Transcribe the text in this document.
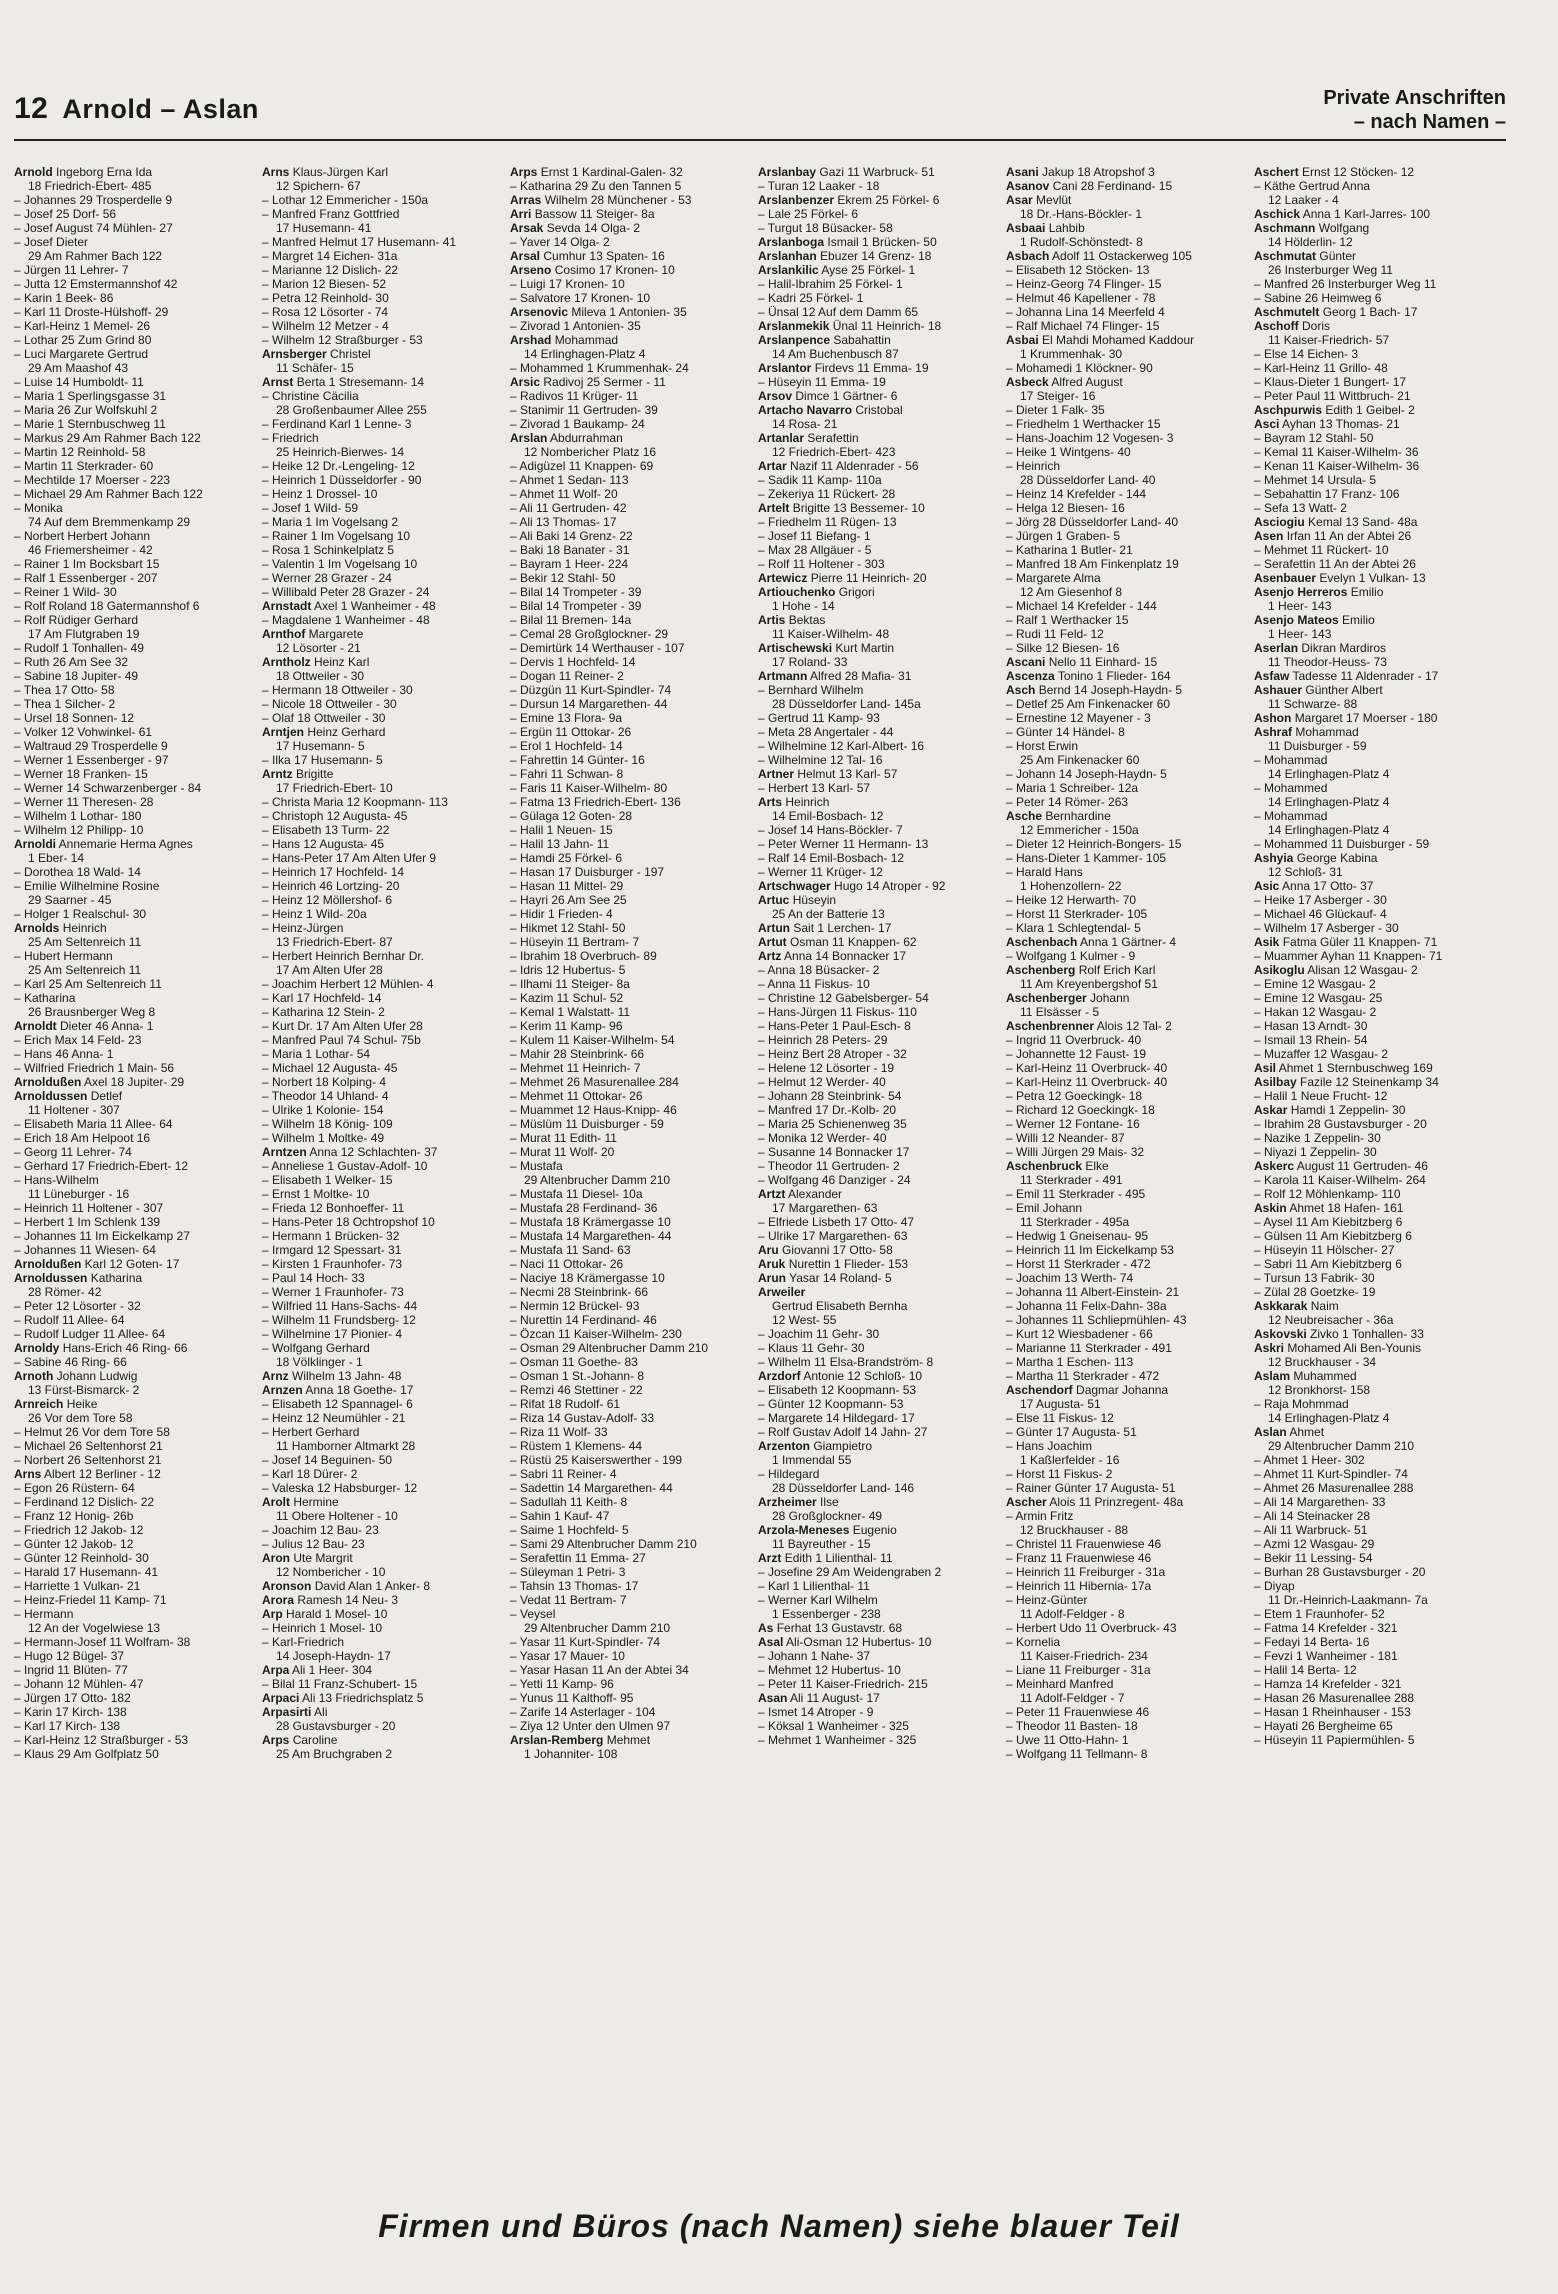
12 Arnold – Aslan	Private Anschriften
– nach Namen –
Arnold Ingeborg Erna Ida
18 Friedrich-Ebert- 485
– Johannes 29 Trosperdelle 9
– Josef 25 Dorf- 56
– Josef August 74 Mühlen- 27
– Josef Dieter
29 Am Rahmer Bach 122
– Jürgen 11 Lehrer- 7
– Jutta 12 Emstermannshof 42
– Karin 1 Beek- 86
– Karl 11 Droste-Hülshoff- 29
– Karl-Heinz 1 Memel- 26
– Lothar 25 Zum Grind 80
– Luci Margarete Gertrud
29 Am Maashof 43
– Luise 14 Humboldt- 11
– Maria 1 Sperlingsgasse 31
– Maria 26 Zur Wolfskuhl 2
– Marie 1 Sternbuschweg 11
– Markus 29 Am Rahmer Bach 122
– Martin 12 Reinhold- 58
– Martin 11 Sterkrader- 60
– Mechtilde 17 Moerser - 223
– Michael 29 Am Rahmer Bach 122
– Monika
74 Auf dem Bremmenkamp 29
– Norbert Herbert Johann
46 Friemersheimer - 42
– Rainer 1 Im Bocksbart 15
– Ralf 1 Essenberger - 207
– Reiner 1 Wild- 30
– Rolf Roland 18 Gatermannshof 6
– Rolf Rüdiger Gerhard
17 Am Flutgraben 19
– Rudolf 1 Tonhallen- 49
– Ruth 26 Am See 32
– Sabine 18 Jupiter- 49
– Thea 17 Otto- 58
– Thea 1 Silcher- 2
– Ursel 18 Sonnen- 12
– Volker 12 Vohwinkel- 61
– Waltraud 29 Trosperdelle 9
– Werner 1 Essenberger - 97
– Werner 18 Franken- 15
– Werner 14 Schwarzenberger - 84
– Werner 11 Theresen- 28
– Wilhelm 1 Lothar- 180
– Wilhelm 12 Philipp- 10
Arnoldi Annemarie Herma Agnes
1 Eber- 14
– Dorothea 18 Wald- 14
– Emilie Wilhelmine Rosine
29 Saarner - 45
– Holger 1 Realschul- 30
Arnolds Heinrich
25 Am Seltenreich 11
– Hubert Hermann
25 Am Seltenreich 11
– Karl 25 Am Seltenreich 11
– Katharina
26 Brausnberger Weg 8
Arnoldt Dieter 46 Anna- 1
– Erich Max 14 Feld- 23
– Hans 46 Anna- 1
– Wilfried Friedrich 1 Main- 56
Arnoldußen Axel 18 Jupiter- 29
Arnoldussen Detlef
11 Holtener - 307
– Elisabeth Maria 11 Allee- 64
– Erich 18 Am Helpoot 16
– Georg 11 Lehrer- 74
– Gerhard 17 Friedrich-Ebert- 12
– Hans-Wilhelm
11 Lüneburger - 16
– Heinrich 11 Holtener - 307
– Herbert 1 Im Schlenk 139
– Johannes 11 Im Eickelkamp 27
– Johannes 11 Wiesen- 64
Arnoldußen Karl 12 Goten- 17
Arnoldussen Katharina
28 Römer- 42
– Peter 12 Lösorter - 32
– Rudolf 11 Allee- 64
– Rudolf Ludger 11 Allee- 64
Arnoldy Hans-Erich 46 Ring- 66
– Sabine 46 Ring- 66
Arnoth Johann Ludwig
13 Fürst-Bismarck- 2
Arnreich Heike
26 Vor dem Tore 58
– Helmut 26 Vor dem Tore 58
– Michael 26 Seltenhorst 21
– Norbert 26 Seltenhorst 21
Arns Albert 12 Berliner - 12
– Egon 26 Rüstern- 64
– Ferdinand 12 Dislich- 22
– Franz 12 Honig- 26b
– Friedrich 12 Jakob- 12
– Günter 12 Jakob- 12
– Günter 12 Reinhold- 30
– Harald 17 Husemann- 41
– Harriette 1 Vulkan- 21
– Heinz-Friedel 11 Kamp- 71
– Hermann
12 An der Vogelwiese 13
– Hermann-Josef 11 Wolfram- 38
– Hugo 12 Bügel- 37
– Ingrid 11 Blüten- 77
– Johann 12 Mühlen- 47
– Jürgen 17 Otto- 182
– Karin 17 Kirch- 138
– Karl 17 Kirch- 138
– Karl-Heinz 12 Straßburger - 53
– Klaus 29 Am Golfplatz 50
Arns Klaus-Jürgen Karl
12 Spichern- 67
– Lothar 12 Emmericher - 150a
– Manfred Franz Gottfried
17 Husemann- 41
– Manfred Helmut 17 Husemann- 41
– Margret 14 Eichen- 31a
– Marianne 12 Dislich- 22
– Marion 12 Biesen- 52
– Petra 12 Reinhold- 30
– Rosa 12 Lösorter - 74
– Wilhelm 12 Metzer - 4
– Wilhelm 12 Straßburger - 53
Arnsberger Christel
11 Schäfer- 15
Arnst Berta 1 Stresemann- 14
– Christine Cäcilia
28 Großenbaumer Allee 255
– Ferdinand Karl 1 Lenne- 3
– Friedrich
25 Heinrich-Bierwes- 14
– Heike 12 Dr.-Lengeling- 12
– Heinrich 1 Düsseldorfer - 90
– Heinz 1 Drossel- 10
– Josef 1 Wild- 59
– Maria 1 Im Vogelsang 2
– Rainer 1 Im Vogelsang 10
– Rosa 1 Schinkelplatz 5
– Valentin 1 Im Vogelsang 10
– Werner 28 Grazer - 24
– Willibald Peter 28 Grazer - 24
Arnstadt Axel 1 Wanheimer - 48
– Magdalene 1 Wanheimer - 48
Arnthof Margarete
12 Lösorter - 21
Arntholz Heinz Karl
18 Ottweiler - 30
– Hermann 18 Ottweiler - 30
– Nicole 18 Ottweiler - 30
– Olaf 18 Ottweiler - 30
Arntjen Heinz Gerhard
17 Husemann- 5
– Ilka 17 Husemann- 5
Arntz Brigitte
17 Friedrich-Ebert- 10
– Christa Maria 12 Koopmann- 113
– Christoph 12 Augusta- 45
– Elisabeth 13 Turm- 22
– Hans 12 Augusta- 45
– Hans-Peter 17 Am Alten Ufer 9
– Heinrich 17 Hochfeld- 14
– Heinrich 46 Lortzing- 20
– Heinz 12 Möllershof- 6
– Heinz 1 Wild- 20a
– Heinz-Jürgen
13 Friedrich-Ebert- 87
– Herbert Heinrich Bernhar Dr.
17 Am Alten Ufer 28
– Joachim Herbert 12 Mühlen- 4
– Karl 17 Hochfeld- 14
– Katharina 12 Stein- 2
– Kurt Dr. 17 Am Alten Ufer 28
– Manfred Paul 74 Schul- 75b
– Maria 1 Lothar- 54
– Michael 12 Augusta- 45
– Norbert 18 Kolping- 4
– Theodor 14 Uhland- 4
– Ulrike 1 Kolonie- 154
– Wilhelm 18 König- 109
– Wilhelm 1 Moltke- 49
Arntzen Anna 12 Schlachten- 37
– Anneliese 1 Gustav-Adolf- 10
– Elisabeth 1 Welker- 15
– Ernst 1 Moltke- 10
– Frieda 12 Bonhoeffer- 11
– Hans-Peter 18 Ochtropshof 10
– Hermann 1 Brücken- 32
– Irmgard 12 Spessart- 31
– Kirsten 1 Fraunhofer- 73
– Paul 14 Hoch- 33
– Werner 1 Fraunhofer- 73
– Wilfried 11 Hans-Sachs- 44
– Wilhelm 11 Frundsberg- 12
– Wilhelmine 17 Pionier- 4
– Wolfgang Gerhard
18 Völklinger - 1
Arnz Wilhelm 13 Jahn- 48
Arnzen Anna 18 Goethe- 17
– Elisabeth 12 Spannagel- 6
– Heinz 12 Neumühler - 21
– Herbert Gerhard
11 Hamborner Altmarkt 28
– Josef 14 Beguinen- 50
– Karl 18 Dürer- 2
– Valeska 12 Habsburger- 12
Arolt Hermine
11 Obere Holtener - 10
– Joachim 12 Bau- 23
– Julius 12 Bau- 23
Aron Ute Margrit
12 Nombericher - 10
Aronson David Alan 1 Anker- 8
Arora Ramesh 14 Neu- 3
Arp Harald 1 Mosel- 10
– Heinrich 1 Mosel- 10
– Karl-Friedrich
14 Joseph-Haydn- 17
Arpa Ali 1 Heer- 304
– Bilal 11 Franz-Schubert- 15
Arpaci Ali 13 Friedrichsplatz 5
Arpasirti Ali
28 Gustavsburger - 20
Arps Caroline
25 Am Bruchgraben 2
Arps Ernst 1 Kardinal-Galen- 32
– Katharina 29 Zu den Tannen 5
Arras Wilhelm 28 Münchener - 53
Arri Bassow 11 Steiger- 8a
Arsak Sevda 14 Olga- 2
– Yaver 14 Olga- 2
Arsal Cumhur 13 Spaten- 16
Arseno Cosimo 17 Kronen- 10
– Luigi 17 Kronen- 10
– Salvatore 17 Kronen- 10
Arsenovic Mileva 1 Antonien- 35
– Zivorad 1 Antonien- 35
Arshad Mohammad
14 Erlinghagen-Platz 4
– Mohammed 1 Krummenhak- 24
Arsic Radivoj 25 Sermer - 11
– Radivos 11 Krüger- 11
– Stanimir 11 Gertruden- 39
– Zivorad 1 Baukamp- 24
Arslan Abdurrahman
12 Nombericher Platz 16
– Adigüzel 11 Knappen- 69
– Ahmet 1 Sedan- 113
– Ahmet 11 Wolf- 20
– Ali 11 Gertruden- 42
– Ali 13 Thomas- 17
– Ali Baki 14 Grenz- 22
– Baki 18 Banater - 31
– Bayram 1 Heer- 224
– Bekir 12 Stahl- 50
– Bilal 14 Trompeter - 39
– Bilal 14 Trompeter - 39
– Bilal 11 Bremen- 14a
– Cemal 28 Großglockner- 29
– Demirtürk 14 Werthauser - 107
– Dervis 1 Hochfeld- 14
– Dogan 11 Reiner- 2
– Düzgün 11 Kurt-Spindler- 74
– Dursun 14 Margarethen- 44
– Emine 13 Flora- 9a
– Ergün 11 Ottokar- 26
– Erol 1 Hochfeld- 14
– Fahrettin 14 Günter- 16
– Fahri 11 Schwan- 8
– Faris 11 Kaiser-Wilhelm- 80
– Fatma 13 Friedrich-Ebert- 136
– Gülaga 12 Goten- 28
– Halil 1 Neuen- 15
– Halil 13 Jahn- 11
– Hamdi 25 Förkel- 6
– Hasan 17 Duisburger - 197
– Hasan 11 Mittel- 29
– Hayri 26 Am See 25
– Hidir 1 Frieden- 4
– Hikmet 12 Stahl- 50
– Hüseyin 11 Bertram- 7
– Ibrahim 18 Overbruch- 89
– Idris 12 Hubertus- 5
– Ilhami 11 Steiger- 8a
– Kazim 11 Schul- 52
– Kemal 1 Walstatt- 11
– Kerim 11 Kamp- 96
– Kulem 11 Kaiser-Wilhelm- 54
– Mahir 28 Steinbrink- 66
– Mehmet 11 Heinrich- 7
– Mehmet 26 Masurenallee 284
– Mehmet 11 Ottokar- 26
– Muammet 12 Haus-Knipp- 46
– Müslüm 11 Duisburger - 59
– Murat 11 Edith- 11
– Murat 11 Wolf- 20
– Mustafa
29 Altenbrucher Damm 210
– Mustafa 11 Diesel- 10a
– Mustafa 28 Ferdinand- 36
– Mustafa 18 Krämergasse 10
– Mustafa 14 Margarethen- 44
– Mustafa 11 Sand- 63
– Naci 11 Ottokar- 26
– Naciye 18 Krämergasse 10
– Necmi 28 Steinbrink- 66
– Nermin 12 Brückel- 93
– Nurettin 14 Ferdinand- 46
– Özcan 11 Kaiser-Wilhelm- 230
– Osman 29 Altenbrucher Damm 210
– Osman 11 Goethe- 83
– Osman 1 St.-Johann- 8
– Remzi 46 Stettiner - 22
– Rifat 18 Rudolf- 61
– Riza 14 Gustav-Adolf- 33
– Riza 11 Wolf- 33
– Rüstem 1 Klemens- 44
– Rüstü 25 Kaiserswerther - 199
– Sabri 11 Reiner- 4
– Sadettin 14 Margarethen- 44
– Sadullah 11 Keith- 8
– Sahin 1 Kauf- 47
– Saime 1 Hochfeld- 5
– Sami 29 Altenbrucher Damm 210
– Serafettin 11 Emma- 27
– Süleyman 1 Petri- 3
– Tahsin 13 Thomas- 17
– Vedat 11 Bertram- 7
– Veysel
29 Altenbrucher Damm 210
– Yasar 11 Kurt-Spindler- 74
– Yasar 17 Mauer- 10
– Yasar Hasan 11 An der Abtei 34
– Yetti 11 Kamp- 96
– Yunus 11 Kalthoff- 95
– Zarife 14 Asterlager - 104
– Ziya 12 Unter den Ulmen 97
Arslan-Remberg Mehmet
1 Johanniter- 108
Arslanbay Gazi 11 Warbruck- 51
– Turan 12 Laaker - 18
Arslanbenzer Ekrem 25 Förkel- 6
– Lale 25 Förkel- 6
– Turgut 18 Büsacker- 58
Arslanboga Ismail 1 Brücken- 50
Arslanhan Ebuzer 14 Grenz- 18
Arslankilic Ayse 25 Förkel- 1
– Halil-Ibrahim 25 Förkel- 1
– Kadri 25 Förkel- 1
– Ünsal 12 Auf dem Damm 65
Arslanmekik Ünal 11 Heinrich- 18
Arslanpence Sabahattin
14 Am Buchenbusch 87
Arslantor Firdevs 11 Emma- 19
– Hüseyin 11 Emma- 19
Arsov Dimce 1 Gärtner- 6
Artacho Navarro Cristobal
14 Rosa- 21
Artanlar Serafettin
12 Friedrich-Ebert- 423
Artar Nazif 11 Aldenrader - 56
– Sadik 11 Kamp- 110a
– Zekeriya 11 Rückert- 28
Artelt Brigitte 13 Bessemer- 10
– Friedhelm 11 Rügen- 13
– Josef 11 Biefang- 1
– Max 28 Allgäuer - 5
– Rolf 11 Holtener - 303
Artewicz Pierre 11 Heinrich- 20
Artiouchenko Grigori
1 Hohe - 14
Artis Bektas
11 Kaiser-Wilhelm- 48
Artischewski Kurt Martin
17 Roland- 33
Artmann Alfred 28 Mafia- 31
– Bernhard Wilhelm
28 Düsseldorfer Land- 145a
– Gertrud 11 Kamp- 93
– Meta 28 Angertaler - 44
– Wilhelmine 12 Karl-Albert- 16
– Wilhelmine 12 Tal- 16
Artner Helmut 13 Karl- 57
– Herbert 13 Karl- 57
Arts Heinrich
14 Emil-Bosbach- 12
– Josef 14 Hans-Böckler- 7
– Peter Werner 11 Hermann- 13
– Ralf 14 Emil-Bosbach- 12
– Werner 11 Krüger- 12
Artschwager Hugo 14 Atroper - 92
Artuc Hüseyin
25 An der Batterie 13
Artun Sait 1 Lerchen- 17
Artut Osman 11 Knappen- 62
Artz Anna 14 Bonnacker 17
– Anna 18 Büsacker- 2
– Anna 11 Fiskus- 10
– Christine 12 Gabelsberger- 54
– Hans-Jürgen 11 Fiskus- 110
– Hans-Peter 1 Paul-Esch- 8
– Heinrich 28 Peters- 29
– Heinz Bert 28 Atroper - 32
– Helene 12 Lösorter - 19
– Helmut 12 Werder- 40
– Johann 28 Steinbrink- 54
– Manfred 17 Dr.-Kolb- 20
– Maria 25 Schienenweg 35
– Monika 12 Werder- 40
– Susanne 14 Bonnacker 17
– Theodor 11 Gertruden- 2
– Wolfgang 46 Danziger - 24
Artzt Alexander
17 Margarethen- 63
– Elfriede Lisbeth 17 Otto- 47
– Ulrike 17 Margarethen- 63
Aru Giovanni 17 Otto- 58
Aruk Nurettin 1 Flieder- 153
Arun Yasar 14 Roland- 5
Arweiler
Gertrud Elisabeth Bernha
12 West- 55
– Joachim 11 Gehr- 30
– Klaus 11 Gehr- 30
– Wilhelm 11 Elsa-Brandström- 8
Arzdorf Antonie 12 Schloß- 10
– Elisabeth 12 Koopmann- 53
– Günter 12 Koopmann- 53
– Margarete 14 Hildegard- 17
– Rolf Gustav Adolf 14 Jahn- 27
Arzenton Giampietro
1 Immendal 55
– Hildegard
28 Düsseldorfer Land- 146
Arzheimer Ilse
28 Großglockner- 49
Arzola-Meneses Eugenio
11 Bayreuther - 15
Arzt Edith 1 Lilienthal- 11
– Josefine 29 Am Weidengraben 2
– Karl 1 Lilienthal- 11
– Werner Karl Wilhelm
1 Essenberger - 238
As Ferhat 13 Gustavstr. 68
Asal Ali-Osman 12 Hubertus- 10
– Johann 1 Nahe- 37
– Mehmet 12 Hubertus- 10
– Peter 11 Kaiser-Friedrich- 215
Asan Ali 11 August- 17
– Ismet 14 Atroper - 9
– Köksal 1 Wanheimer - 325
– Mehmet 1 Wanheimer - 325
Asani Jakup 18 Atropshof 3
Asanov Cani 28 Ferdinand- 15
Asar Mevlüt
18 Dr.-Hans-Böckler- 1
Asbaai Lahbib
1 Rudolf-Schönstedt- 8
Asbach Adolf 11 Ostackerweg 105
– Elisabeth 12 Stöcken- 13
– Heinz-Georg 74 Flinger- 15
– Helmut 46 Kapellener - 78
– Johanna Lina 14 Meerfeld 4
– Ralf Michael 74 Flinger- 15
Asbai El Mahdi Mohamed Kaddour
1 Krummenhak- 30
– Mohamedi 1 Klöckner- 90
Asbeck Alfred August
17 Steiger- 16
– Dieter 1 Falk- 35
– Friedhelm 1 Werthacker 15
– Hans-Joachim 12 Vogesen- 3
– Heike 1 Wintgens- 40
– Heinrich
28 Düsseldorfer Land- 40
– Heinz 14 Krefelder - 144
– Helga 12 Biesen- 16
– Jörg 28 Düsseldorfer Land- 40
– Jürgen 1 Graben- 5
– Katharina 1 Butler- 21
– Manfred 18 Am Finkenplatz 19
– Margarete Alma
12 Am Giesenhof 8
– Michael 14 Krefelder - 144
– Ralf 1 Werthacker 15
– Rudi 11 Feld- 12
– Silke 12 Biesen- 16
Ascani Nello 11 Einhard- 15
Ascenza Tonino 1 Flieder- 164
Asch Bernd 14 Joseph-Haydn- 5
– Detlef 25 Am Finkenacker 60
– Ernestine 12 Mayener - 3
– Günter 14 Händel- 8
– Horst Erwin
25 Am Finkenacker 60
– Johann 14 Joseph-Haydn- 5
– Maria 1 Schreiber- 12a
– Peter 14 Römer- 263
Asche Bernhardine
12 Emmericher - 150a
– Dieter 12 Heinrich-Bongers- 15
– Hans-Dieter 1 Kammer- 105
– Harald Hans
1 Hohenzollern- 22
– Heike 12 Herwarth- 70
– Horst 11 Sterkrader- 105
– Klara 1 Schlegtendal- 5
Aschenbach Anna 1 Gärtner- 4
– Wolfgang 1 Kulmer - 9
Aschenberg Rolf Erich Karl
11 Am Kreyenbergshof 51
Aschenberger Johann
11 Elsässer - 5
Aschenbrenner Alois 12 Tal- 2
– Ingrid 11 Overbruck- 40
– Johannette 12 Faust- 19
– Karl-Heinz 11 Overbruck- 40
– Karl-Heinz 11 Overbruck- 40
– Petra 12 Goeckingk- 18
– Richard 12 Goeckingk- 18
– Werner 12 Fontane- 16
– Willi 12 Neander- 87
– Willi Jürgen 29 Mais- 32
Aschenbruck Elke
11 Sterkrader - 491
– Emil 11 Sterkrader - 495
– Emil Johann
11 Sterkrader - 495a
– Hedwig 1 Gneisenau- 95
– Heinrich 11 Im Eickelkamp 53
– Horst 11 Sterkrader - 472
– Joachim 13 Werth- 74
– Johanna 11 Albert-Einstein- 21
– Johanna 11 Felix-Dahn- 38a
– Johannes 11 Schliepmühlen- 43
– Kurt 12 Wiesbadener - 66
– Marianne 11 Sterkrader - 491
– Martha 1 Eschen- 113
– Martha 11 Sterkrader - 472
Aschendorf Dagmar Johanna
17 Augusta- 51
– Else 11 Fiskus- 12
– Günter 17 Augusta- 51
– Hans Joachim
1 Kaßlerfelder - 16
– Horst 11 Fiskus- 2
– Rainer Günter 17 Augusta- 51
Ascher Alois 11 Prinzregent- 48a
– Armin Fritz
12 Bruckhauser - 88
– Christel 11 Frauenwiese 46
– Franz 11 Frauenwiese 46
– Heinrich 11 Freiburger - 31a
– Heinrich 11 Hibernia- 17a
– Heinz-Günter
11 Adolf-Feldger - 8
– Herbert Udo 11 Overbruck- 43
– Kornelia
11 Kaiser-Friedrich- 234
– Liane 11 Freiburger - 31a
– Meinhard Manfred
11 Adolf-Feldger - 7
– Peter 11 Frauenwiese 46
– Theodor 11 Basten- 18
– Uwe 11 Otto-Hahn- 1
– Wolfgang 11 Tellmann- 8
Aschert Ernst 12 Stöcken- 12
– Käthe Gertrud Anna
12 Laaker - 4
Aschick Anna 1 Karl-Jarres- 100
Aschmann Wolfgang
14 Hölderlin- 12
Aschmutat Günter
26 Insterburger Weg 11
– Manfred 26 Insterburger Weg 11
– Sabine 26 Heimweg 6
Aschmutelt Georg 1 Bach- 17
Aschoff Doris
11 Kaiser-Friedrich- 57
– Else 14 Eichen- 3
– Karl-Heinz 11 Grillo- 48
– Klaus-Dieter 1 Bungert- 17
– Peter Paul 11 Wittbruch- 21
Aschpurwis Edith 1 Geibel- 2
Asci Ayhan 13 Thomas- 21
– Bayram 12 Stahl- 50
– Kemal 11 Kaiser-Wilhelm- 36
– Kenan 11 Kaiser-Wilhelm- 36
– Mehmet 14 Ursula- 5
– Sebahattin 17 Franz- 106
– Sefa 13 Watt- 2
Asciogiu Kemal 13 Sand- 48a
Asen Irfan 11 An der Abtei 26
– Mehmet 11 Rückert- 10
– Serafettin 11 An der Abtei 26
Asenbauer Evelyn 1 Vulkan- 13
Asenjo Herreros Emilio
1 Heer- 143
Asenjo Mateos Emilio
1 Heer- 143
Aserlan Dikran Mardiros
11 Theodor-Heuss- 73
Asfaw Tadesse 11 Aldenrader - 17
Ashauer Günther Albert
11 Schwarze- 88
Ashon Margaret 17 Moerser - 180
Ashraf Mohammad
11 Duisburger - 59
– Mohammad
14 Erlinghagen-Platz 4
– Mohammed
14 Erlinghagen-Platz 4
– Mohammad
14 Erlinghagen-Platz 4
– Mohammed 11 Duisburger - 59
Ashyia George Kabina
12 Schloß- 31
Asic Anna 17 Otto- 37
– Heike 17 Asberger - 30
– Michael 46 Glückauf- 4
– Wilhelm 17 Asberger - 30
Asik Fatma Güler 11 Knappen- 71
– Muammer Ayhan 11 Knappen- 71
Asikoglu Alisan 12 Wasgau- 2
– Emine 12 Wasgau- 2
– Emine 12 Wasgau- 25
– Hakan 12 Wasgau- 2
– Hasan 13 Arndt- 30
– Ismail 13 Rhein- 54
– Muzaffer 12 Wasgau- 2
Asil Ahmet 1 Sternbuschweg 169
Asilbay Fazile 12 Steinenkamp 34
– Halil 1 Neue Frucht- 12
Askar Hamdi 1 Zeppelin- 30
– Ibrahim 28 Gustavsburger - 20
– Nazike 1 Zeppelin- 30
– Niyazi 1 Zeppelin- 30
Askerc August 11 Gertruden- 46
– Karola 11 Kaiser-Wilhelm- 264
– Rolf 12 Möhlenkamp- 110
Askin Ahmet 18 Hafen- 161
– Aysel 11 Am Kiebitzberg 6
– Gülsen 11 Am Kiebitzberg 6
– Hüseyin 11 Hölscher- 27
– Sabri 11 Am Kiebitzberg 6
– Tursun 13 Fabrik- 30
– Zülal 28 Goetzke- 19
Askkarak Naim
12 Neubreisacher - 36a
Askovski Zivko 1 Tonhallen- 33
Askri Mohamed Ali Ben-Younis
12 Bruckhauser - 34
Aslam Muhammed
12 Bronkhorst- 158
– Raja Mohmmad
14 Erlinghagen-Platz 4
Aslan Ahmet
29 Altenbrucher Damm 210
– Ahmet 1 Heer- 302
– Ahmet 11 Kurt-Spindler- 74
– Ahmet 26 Masurenallee 288
– Ali 14 Margarethen- 33
– Ali 14 Steinacker 28
– Ali 11 Warbruck- 51
– Azmi 12 Wasgau- 29
– Bekir 11 Lessing- 54
– Burhan 28 Gustavsburger - 20
– Diyap
11 Dr.-Heinrich-Laakmann- 7a
– Etem 1 Fraunhofer- 52
– Fatma 14 Krefelder - 321
– Fedayi 14 Berta- 16
– Fevzi 1 Wanheimer - 181
– Halil 14 Berta- 12
– Hamza 14 Krefelder - 321
– Hasan 26 Masurenallee 288
– Hasan 1 Rheinhauser - 153
– Hayati 26 Bergheime 65
– Hüseyin 11 Papiermühlen- 5
Firmen und Büros (nach Namen) siehe blauer Teil
